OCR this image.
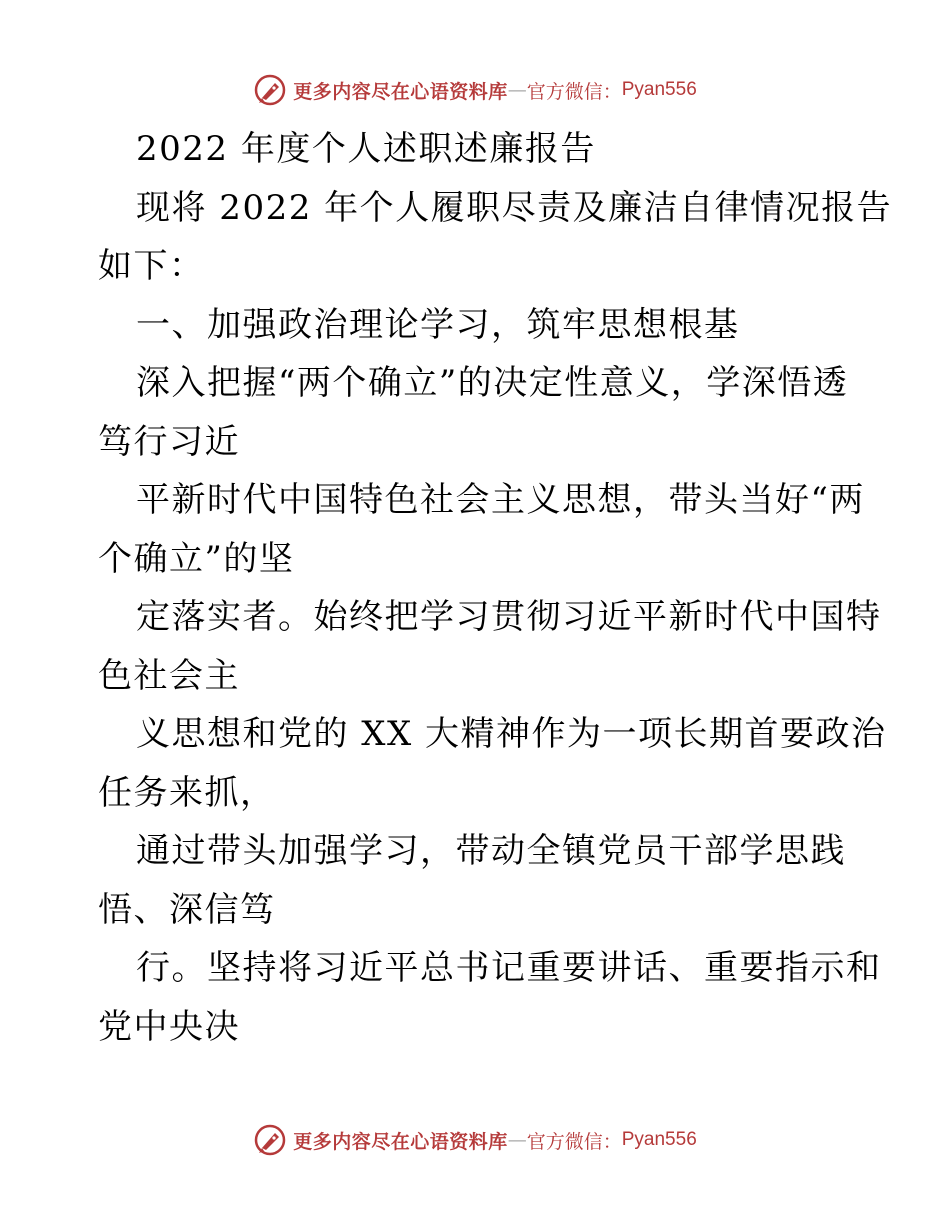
更多内容尽在心语资料库 — 官方微信： Pyan556
2022 年度个人述职述廉报告
现将 2022 年个人履职尽责及廉洁自律情况报告
如下：
一、加强政治理论学习，筑牢思想根基
深入把握“两个确立”的决定性意义，学深悟透
笃行习近
平新时代中国特色社会主义思想，带头当好“两
个确立”的坚
定落实者。始终把学习贯彻习近平新时代中国特
色社会主
义思想和党的 XX 大精神作为一项长期首要政治
任务来抓，
通过带头加强学习，带动全镇党员干部学思践
悟、深信笃
行。坚持将习近平总书记重要讲话、重要指示和
党中央决
更多内容尽在心语资料库 — 官方微信： Pyan556
